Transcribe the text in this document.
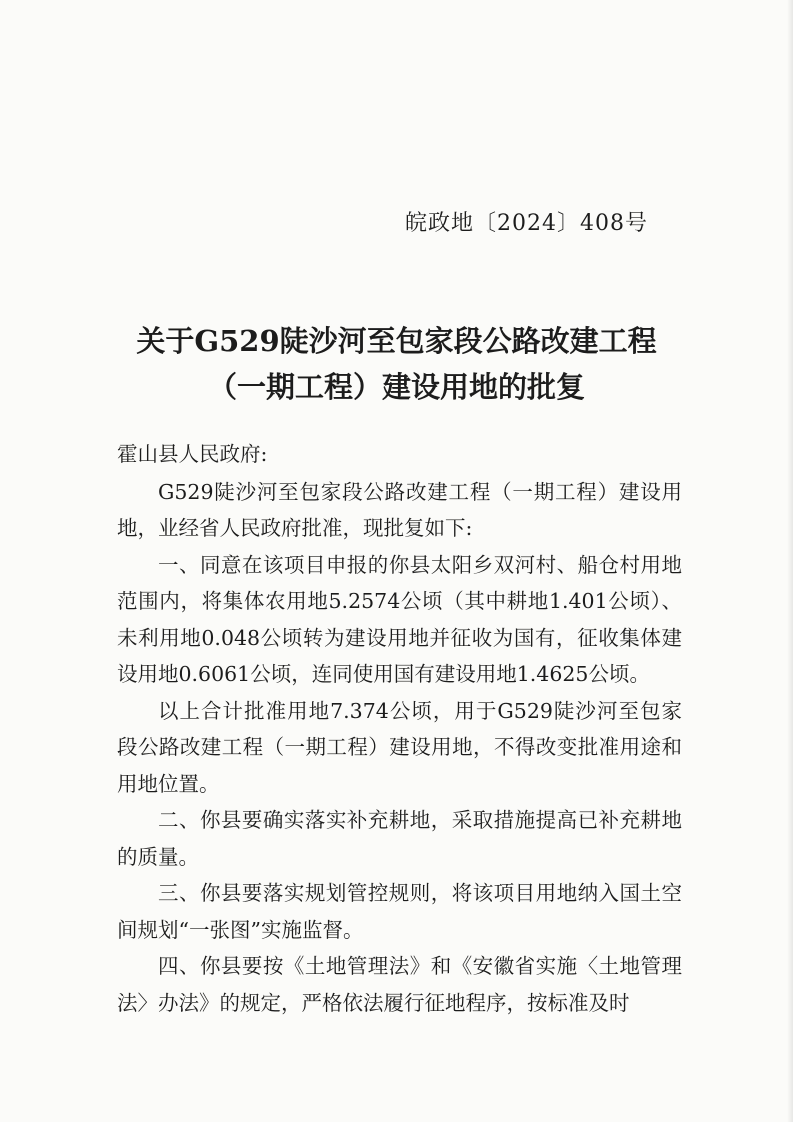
皖政地〔2024〕408号
关于G529陡沙河至包家段公路改建工程
（一期工程）建设用地的批复

霍山县人民政府:

G529陡沙河至包家段公路改建工程（一期工程）建设用地，业经省人民政府批准，现批复如下:

一、同意在该项目申报的你县太阳乡双河村、船仓村用地范围内，将集体农用地5.2574公顷（其中耕地1.401公顷）、未利用地0.048公顷转为建设用地并征收为国有，征收集体建设用地0.6061公顷，连同使用国有建设用地1.4625公顷。

以上合计批准用地7.374公顷，用于G529陡沙河至包家段公路改建工程（一期工程）建设用地，不得改变批准用途和用地位置。

二、你县要确实落实补充耕地，采取措施提高已补充耕地的质量。

三、你县要落实规划管控规则，将该项目用地纳入国土空间规划“一张图”实施监督。

四、你县要按《土地管理法》和《安徽省实施〈土地管理法〉办法》的规定，严格依法履行征地程序，按标准及时
